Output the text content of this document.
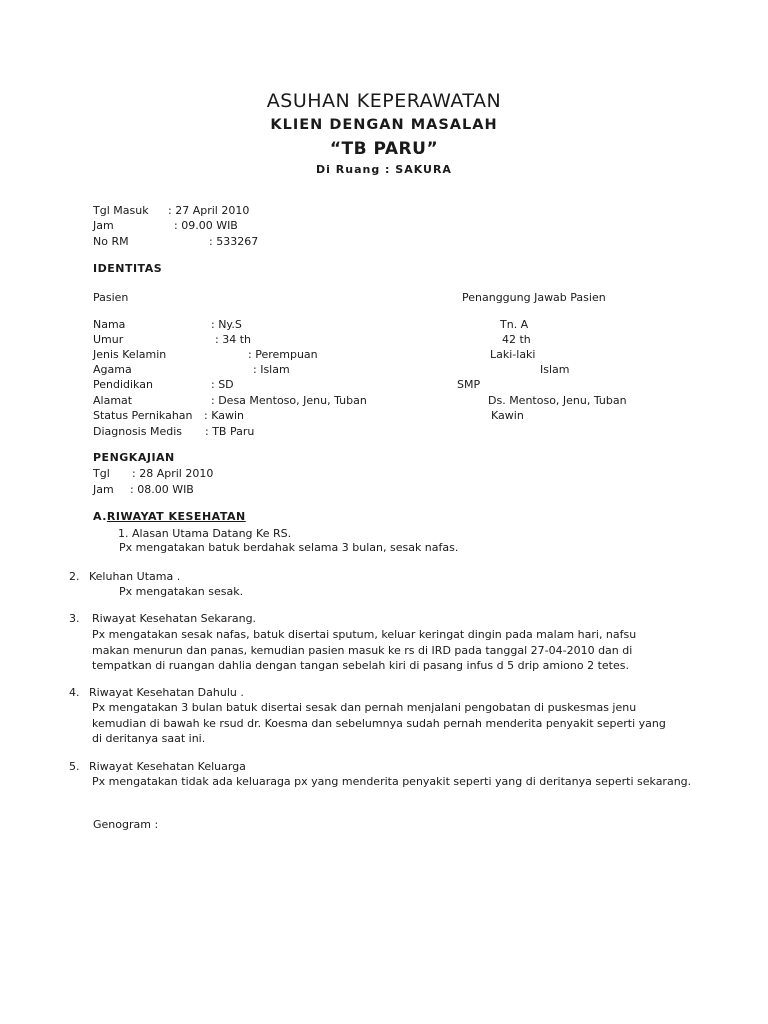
ASUHAN KEPERAWATAN
KLIEN DENGAN MASALAH
“TB PARU”
Di Ruang : SAKURA
Tgl Masuk : 27 April 2010
Jam	: 09.00 WIB
No RM	: 533267
IDENTITAS
Pasien	Penanggung Jawab Pasien
Nama	: Ny.S	Tn. A
Umur	: 34 th	42 th
Jenis Kelamin	: Perempuan	Laki-laki
Agama	: Islam	Islam
Pendidikan	: SD	SMP
Alamat	: Desa Mentoso, Jenu, Tuban	Ds. Mentoso, Jenu, Tuban
Status Pernikahan : Kawin	Kawin
Diagnosis Medis : TB Paru
PENGKAJIAN
Tgl : 28 April 2010
Jam : 08.00 WIB
A.RIWAYAT KESEHATAN
1. Alasan Utama Datang Ke RS.
Px mengatakan batuk berdahak selama 3 bulan, sesak nafas.
2. Keluhan Utama .
Px mengatakan sesak.
3. Riwayat Kesehatan Sekarang.
Px mengatakan sesak nafas, batuk disertai sputum, keluar keringat dingin pada malam hari, nafsu makan menurun dan panas, kemudian pasien masuk ke rs di IRD pada tanggal 27-04-2010 dan di tempatkan di ruangan dahlia dengan tangan sebelah kiri di pasang infus d 5 drip amiono 2 tetes.
4. Riwayat Kesehatan Dahulu .
Px mengatakan 3 bulan batuk disertai sesak dan pernah menjalani pengobatan di puskesmas jenu kemudian di bawah ke rsud dr. Koesma dan sebelumnya sudah pernah menderita penyakit seperti yang di deritanya saat ini.
5. Riwayat Kesehatan Keluarga
Px mengatakan tidak ada keluaraga px yang menderita penyakit seperti yang di deritanya seperti sekarang.
Genogram :
